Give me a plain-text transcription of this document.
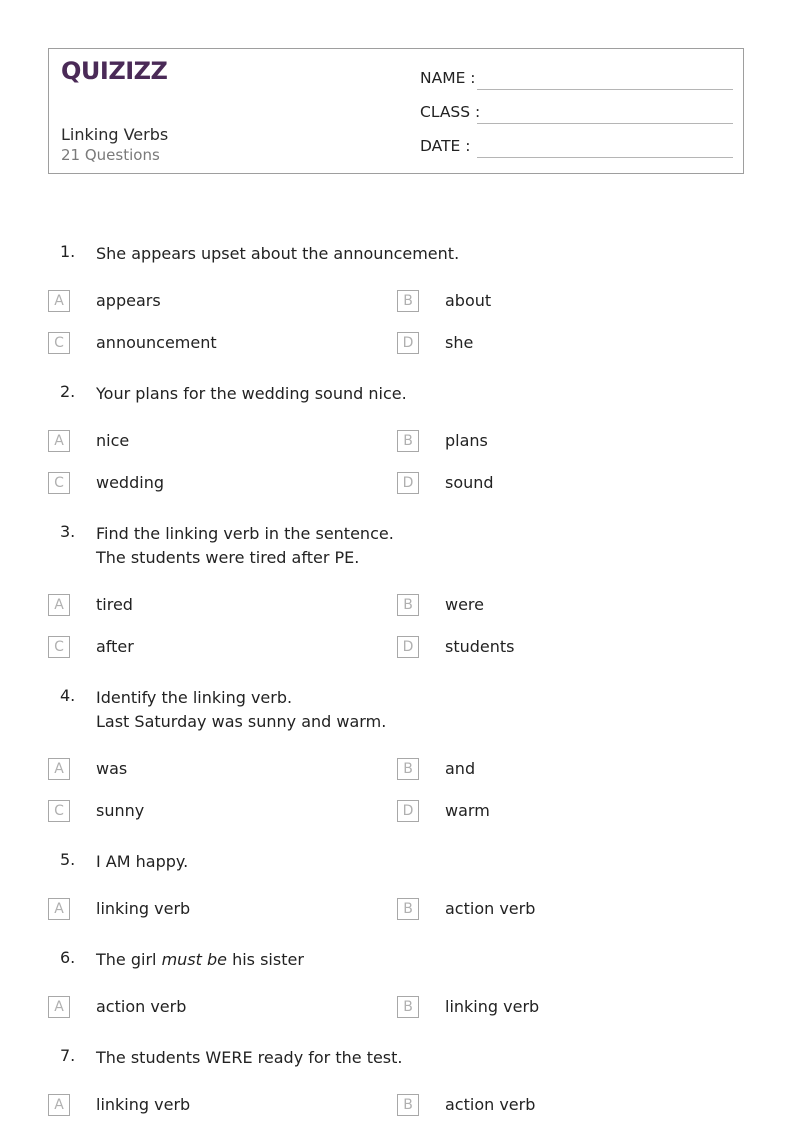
QUIZIZZ
Linking Verbs
21 Questions
NAME :
CLASS :
DATE :
1. She appears upset about the announcement.
A	appears	B	about
C	announcement	D	she
2. Your plans for the wedding sound nice.
A	nice	B	plans
C	wedding	D	sound
3. Find the linking verb in the sentence.
The students were tired after PE.
A	tired	B	were
C	after	D	students
4. Identify the linking verb.
Last Saturday was sunny and warm.
A	was	B	and
C	sunny	D	warm
5. I AM happy.
A	linking verb	B	action verb
6. The girl must be his sister
A	action verb	B	linking verb
7. The students WERE ready for the test.
A	linking verb	B	action verb
